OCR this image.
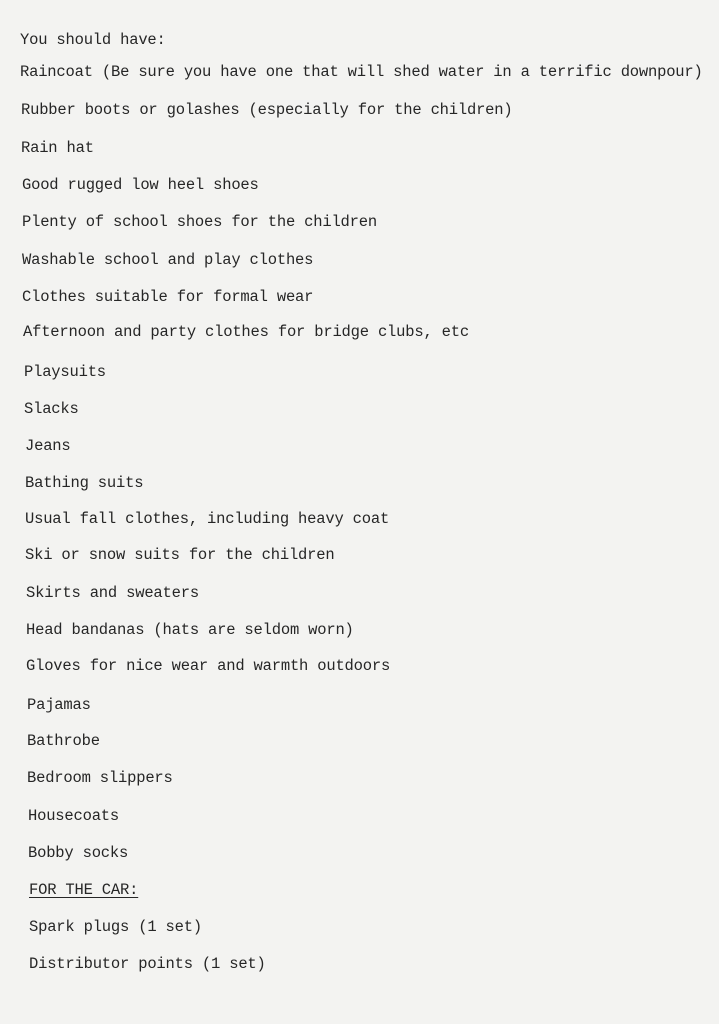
You should have:
Raincoat (Be sure you have one that will shed water in a terrific downpour)
Rubber boots or golashes (especially for the children)
Rain hat
Good rugged low heel shoes
Plenty of school shoes for the children
Washable school and play clothes
Clothes suitable for formal wear
Afternoon and party clothes for bridge clubs, etc
Playsuits
Slacks
Jeans
Bathing suits
Usual fall clothes, including heavy coat
Ski or snow suits for the children
Skirts and sweaters
Head bandanas (hats are seldom worn)
Gloves for nice wear and warmth outdoors
Pajamas
Bathrobe
Bedroom slippers
Housecoats
Bobby socks
FOR THE CAR:
Spark plugs (1 set)
Distributor points (1 set)
